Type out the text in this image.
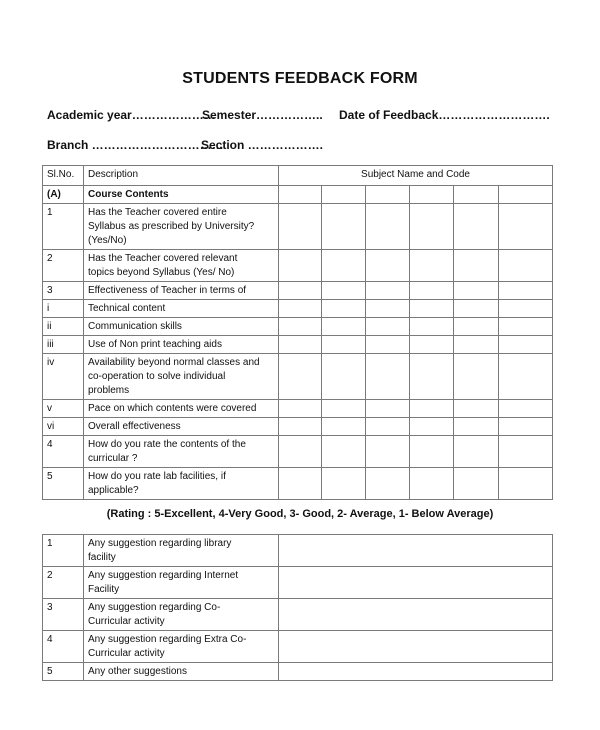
STUDENTS FEEDBACK FORM
Academic year…………………
Semester…………….. Date of Feedback……………………….
Branch ……………………………
Section ……………….
Sl.No.	Description	Subject Name and Code					
(A)	Course Contents						
1	Has the Teacher covered entire
Syllabus as prescribed by University?
(Yes/No)						
2	Has the Teacher covered relevant
topics beyond Syllabus (Yes/ No)						
3	Effectiveness of Teacher in terms of						
i	Technical content						
ii	Communication skills						
iii	Use of Non print teaching aids						
iv	Availability beyond normal classes and
co-operation to solve individual
problems						
v	Pace on which contents were covered						
vi	Overall effectiveness						
4	How do you rate the contents of the
curricular ?						
5	How do you rate lab facilities, if
applicable?						
(Rating : 5-Excellent, 4-Very Good, 3- Good, 2- Average, 1- Below Average)
1	Any suggestion regarding library
facility	
2	Any suggestion regarding Internet
Facility	
3	Any suggestion regarding Co-
Curricular activity	
4	Any suggestion regarding Extra Co-
Curricular activity	
5	Any other suggestions	
